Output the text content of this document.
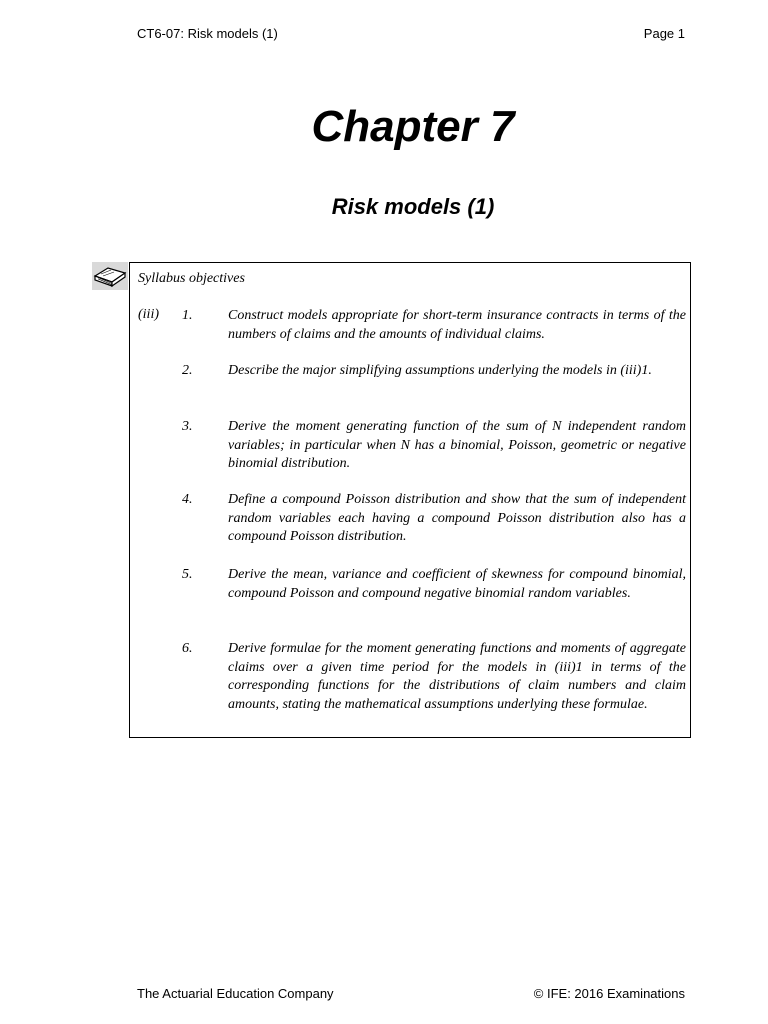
CT6-07: Risk models (1)	Page 1
Chapter 7
Risk models (1)
Syllabus objectives
(iii) 1.	Construct models appropriate for short-term insurance contracts in terms of the numbers of claims and the amounts of individual claims.
2.	Describe the major simplifying assumptions underlying the models in (iii)1.
3.	Derive the moment generating function of the sum of N independent random variables; in particular when N has a binomial, Poisson, geometric or negative binomial distribution.
4.	Define a compound Poisson distribution and show that the sum of independent random variables each having a compound Poisson distribution also has a compound Poisson distribution.
5.	Derive the mean, variance and coefficient of skewness for compound binomial, compound Poisson and compound negative binomial random variables.
6.	Derive formulae for the moment generating functions and moments of aggregate claims over a given time period for the models in (iii)1 in terms of the corresponding functions for the distributions of claim numbers and claim amounts, stating the mathematical assumptions underlying these formulae.
The Actuarial Education Company	© IFE: 2016 Examinations
